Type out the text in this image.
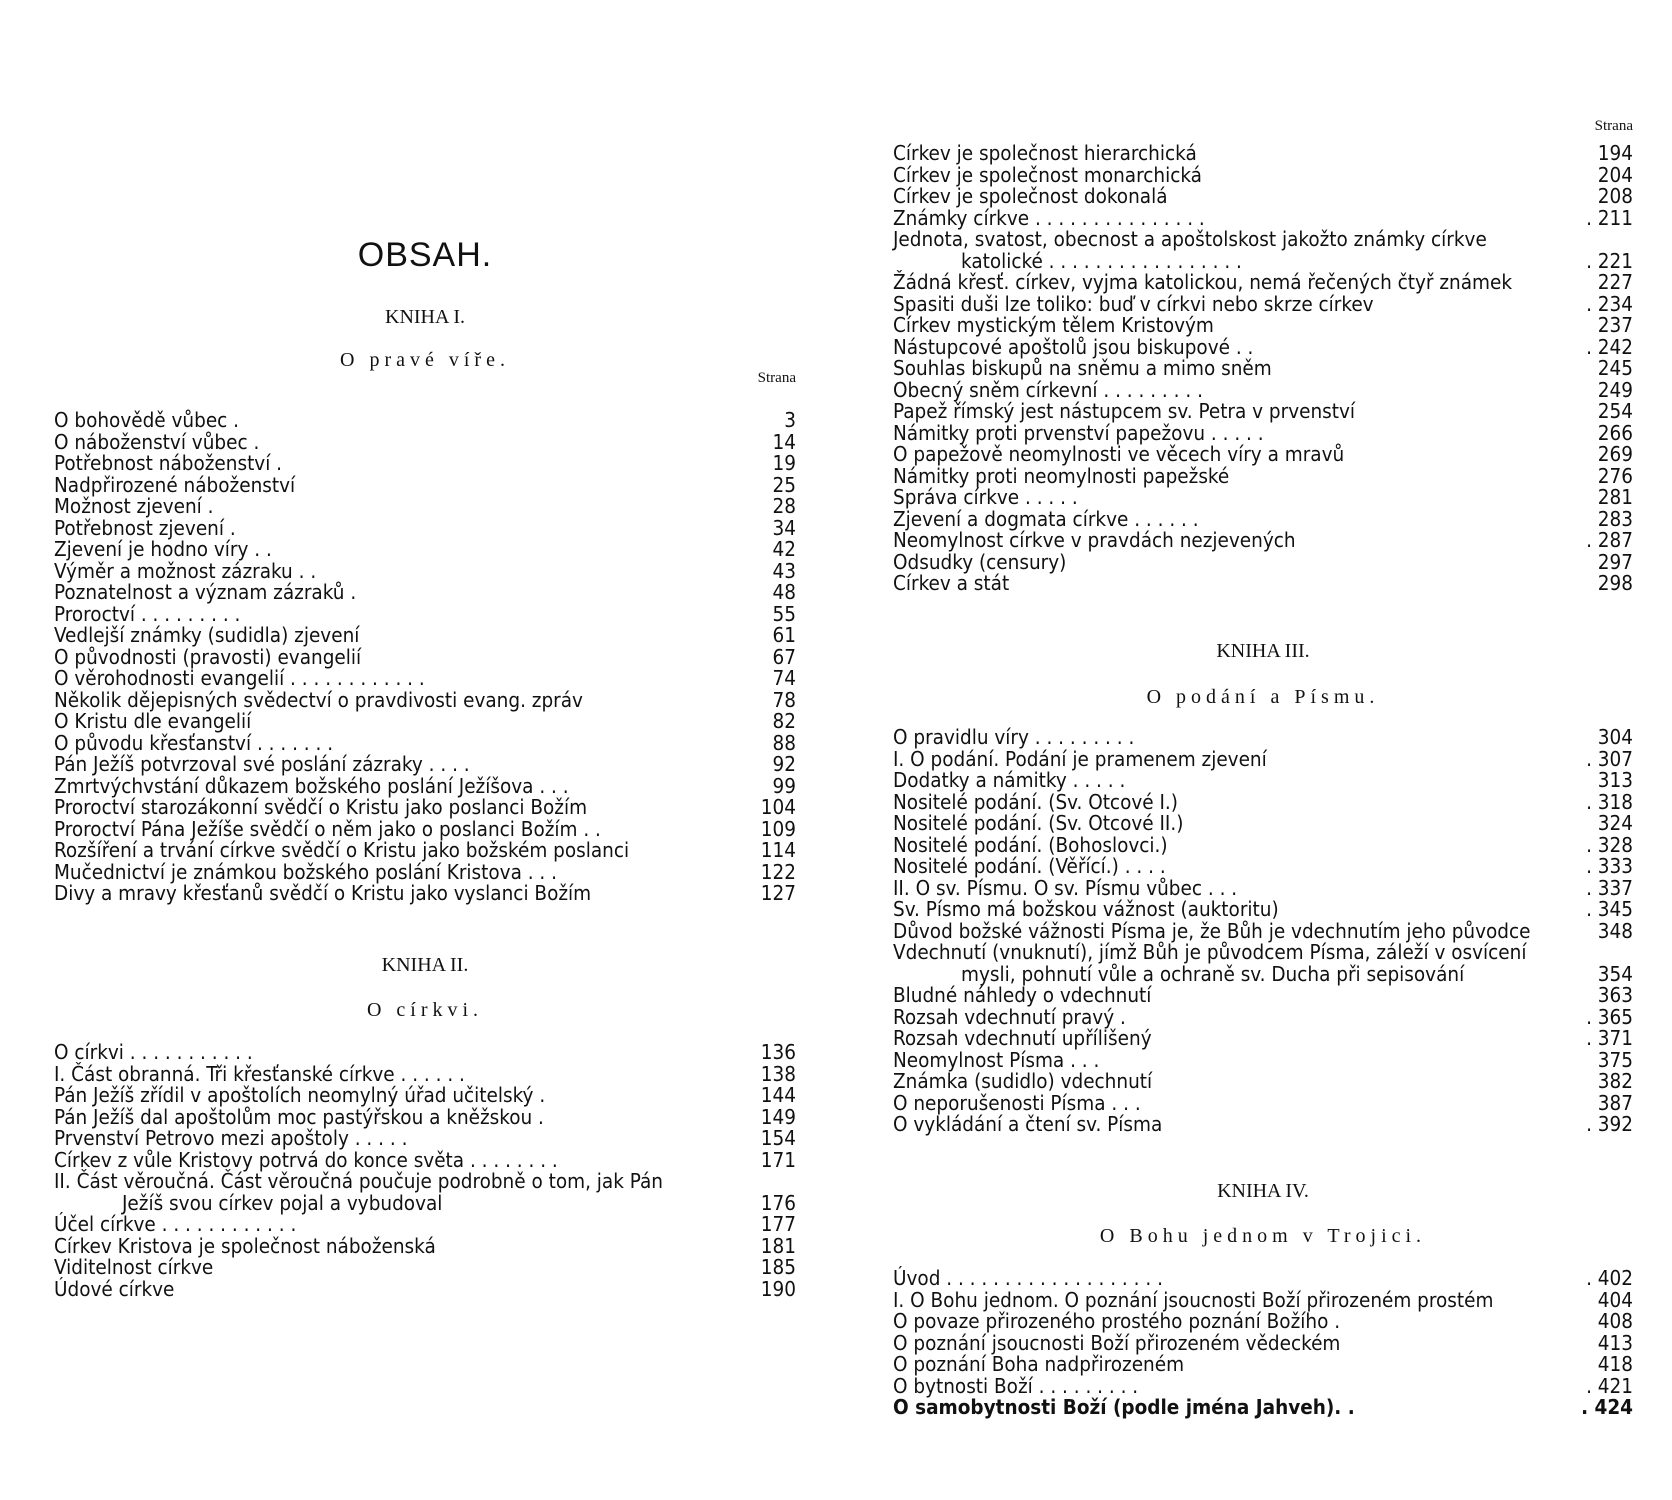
OBSAH.
KNIHA I.
O pravé víře.
Strana
O bohovědě vůbec .	3
O náboženství vůbec .	14
Potřebnost náboženství .	19
Nadpřirozené náboženství	25
Možnost zjevení .	28
Potřebnost zjevení .	34
Zjevení je hodno víry . .	42
Výměr a možnost zázraku . .	43
Poznatelnost a význam zázraků .	48
Proroctví . . . . . . . . .	55
Vedlejší známky (sudidla) zjevení	61
O původnosti (pravosti) evangelií	67
O věrohodnosti evangelií . . . . . . . . . . . .	74
Několik dějepisných svědectví o pravdivosti evang. zpráv	78
O Kristu dle evangelií	82
O původu křesťanství . . . . . . .	88
Pán Ježíš potvrzoval své poslání zázraky . . . .	92
Zmrtvýchvstání důkazem božského poslání Ježíšova . . .	99
Proroctví starozákonní svědčí o Kristu jako poslanci Božím	104
Proroctví Pána Ježíše svědčí o něm jako o poslanci Božím . .	109
Rozšíření a trvání církve svědčí o Kristu jako božském poslanci	114
Mučednictví je známkou božského poslání Kristova . . .	122
Divy a mravy křesťanů svědčí o Kristu jako vyslanci Božím	127
KNIHA II.
O církvi.
O církvi . . . . . . . . . . .	136
I. Část obranná. Tři křesťanské církve . . . . . .	138
Pán Ježíš zřídil v apoštolích neomylný úřad učitelský .	144
Pán Ježíš dal apoštolům moc pastýřskou a kněžskou .	149
Prvenství Petrovo mezi apoštoly . . . . .	154
Církev z vůle Kristovy potrvá do konce světa . . . . . . . .	171
II. Část věroučná. Část věroučná poučuje podrobně o tom, jak Pán
Ježíš svou církev pojal a vybudoval	176
Účel církve . . . . . . . . . . . .	177
Církev Kristova je společnost náboženská	181
Viditelnost církve	185
Údové církve	190
Strana
Církev je společnost hierarchická	194
Církev je společnost monarchická	204
Církev je společnost dokonalá	208
Známky církve . . . . . . . . . . . . . . .	. 211
Jednota, svatost, obecnost a apoštolskost jakožto známky církve
katolické . . . . . . . . . . . . . . . . .	. 221
Žádná křesť. církev, vyjma katolickou, nemá řečených čtyř známek	227
Spasiti duši lze toliko: buď v církvi nebo skrze církev	. 234
Církev mystickým tělem Kristovým	237
Nástupcové apoštolů jsou biskupové . .	. 242
Souhlas biskupů na sněmu a mimo sněm	245
Obecný sněm církevní . . . . . . . . .	249
Papež římský jest nástupcem sv. Petra v prvenství	254
Námitky proti prvenství papežovu . . . . .	266
O papežově neomylnosti ve věcech víry a mravů	269
Námitky proti neomylnosti papežské	276
Správa církve . . . . .	281
Zjevení a dogmata církve . . . . . .	283
Neomylnost církve v pravdách nezjevených	. 287
Odsudky (censury)	297
Církev a stát	298
KNIHA III.
O podání a Písmu.
O pravidlu víry . . . . . . . . .	304
I. O podání. Podání je pramenem zjevení	. 307
Dodatky a námitky . . . . .	313
Nositelé podání. (Sv. Otcové I.)	. 318
Nositelé podání. (Sv. Otcové II.)	324
Nositelé podání. (Bohoslovci.)	. 328
Nositelé podání. (Věřící.) . . . .	. 333
II. O sv. Písmu. O sv. Písmu vůbec . . .	. 337
Sv. Písmo má božskou vážnost (auktoritu)	. 345
Důvod božské vážnosti Písma je, že Bůh je vdechnutím jeho původce	348
Vdechnutí (vnuknutí), jímž Bůh je původcem Písma, záleží v osvícení
mysli, pohnutí vůle a ochraně sv. Ducha při sepisování	354
Bludné náhledy o vdechnutí	363
Rozsah vdechnutí pravý .	. 365
Rozsah vdechnutí upřílišený	. 371
Neomylnost Písma . . .	375
Známka (sudidlo) vdechnutí	382
O neporušenosti Písma . . .	387
O vykládání a čtení sv. Písma	. 392
KNIHA IV.
O Bohu jednom v Trojici.
Úvod . . . . . . . . . . . . . . . . . . .	. 402
I. O Bohu jednom. O poznání jsoucnosti Boží přirozeném prostém	404
O povaze přirozeného prostého poznání Božího .	408
O poznání jsoucnosti Boží přirozeném vědeckém	413
O poznání Boha nadpřirozeném	418
O bytnosti Boží . . . . . . . . .	. 421
O samobytnosti Boží (podle jména Jahveh). .	. 424
